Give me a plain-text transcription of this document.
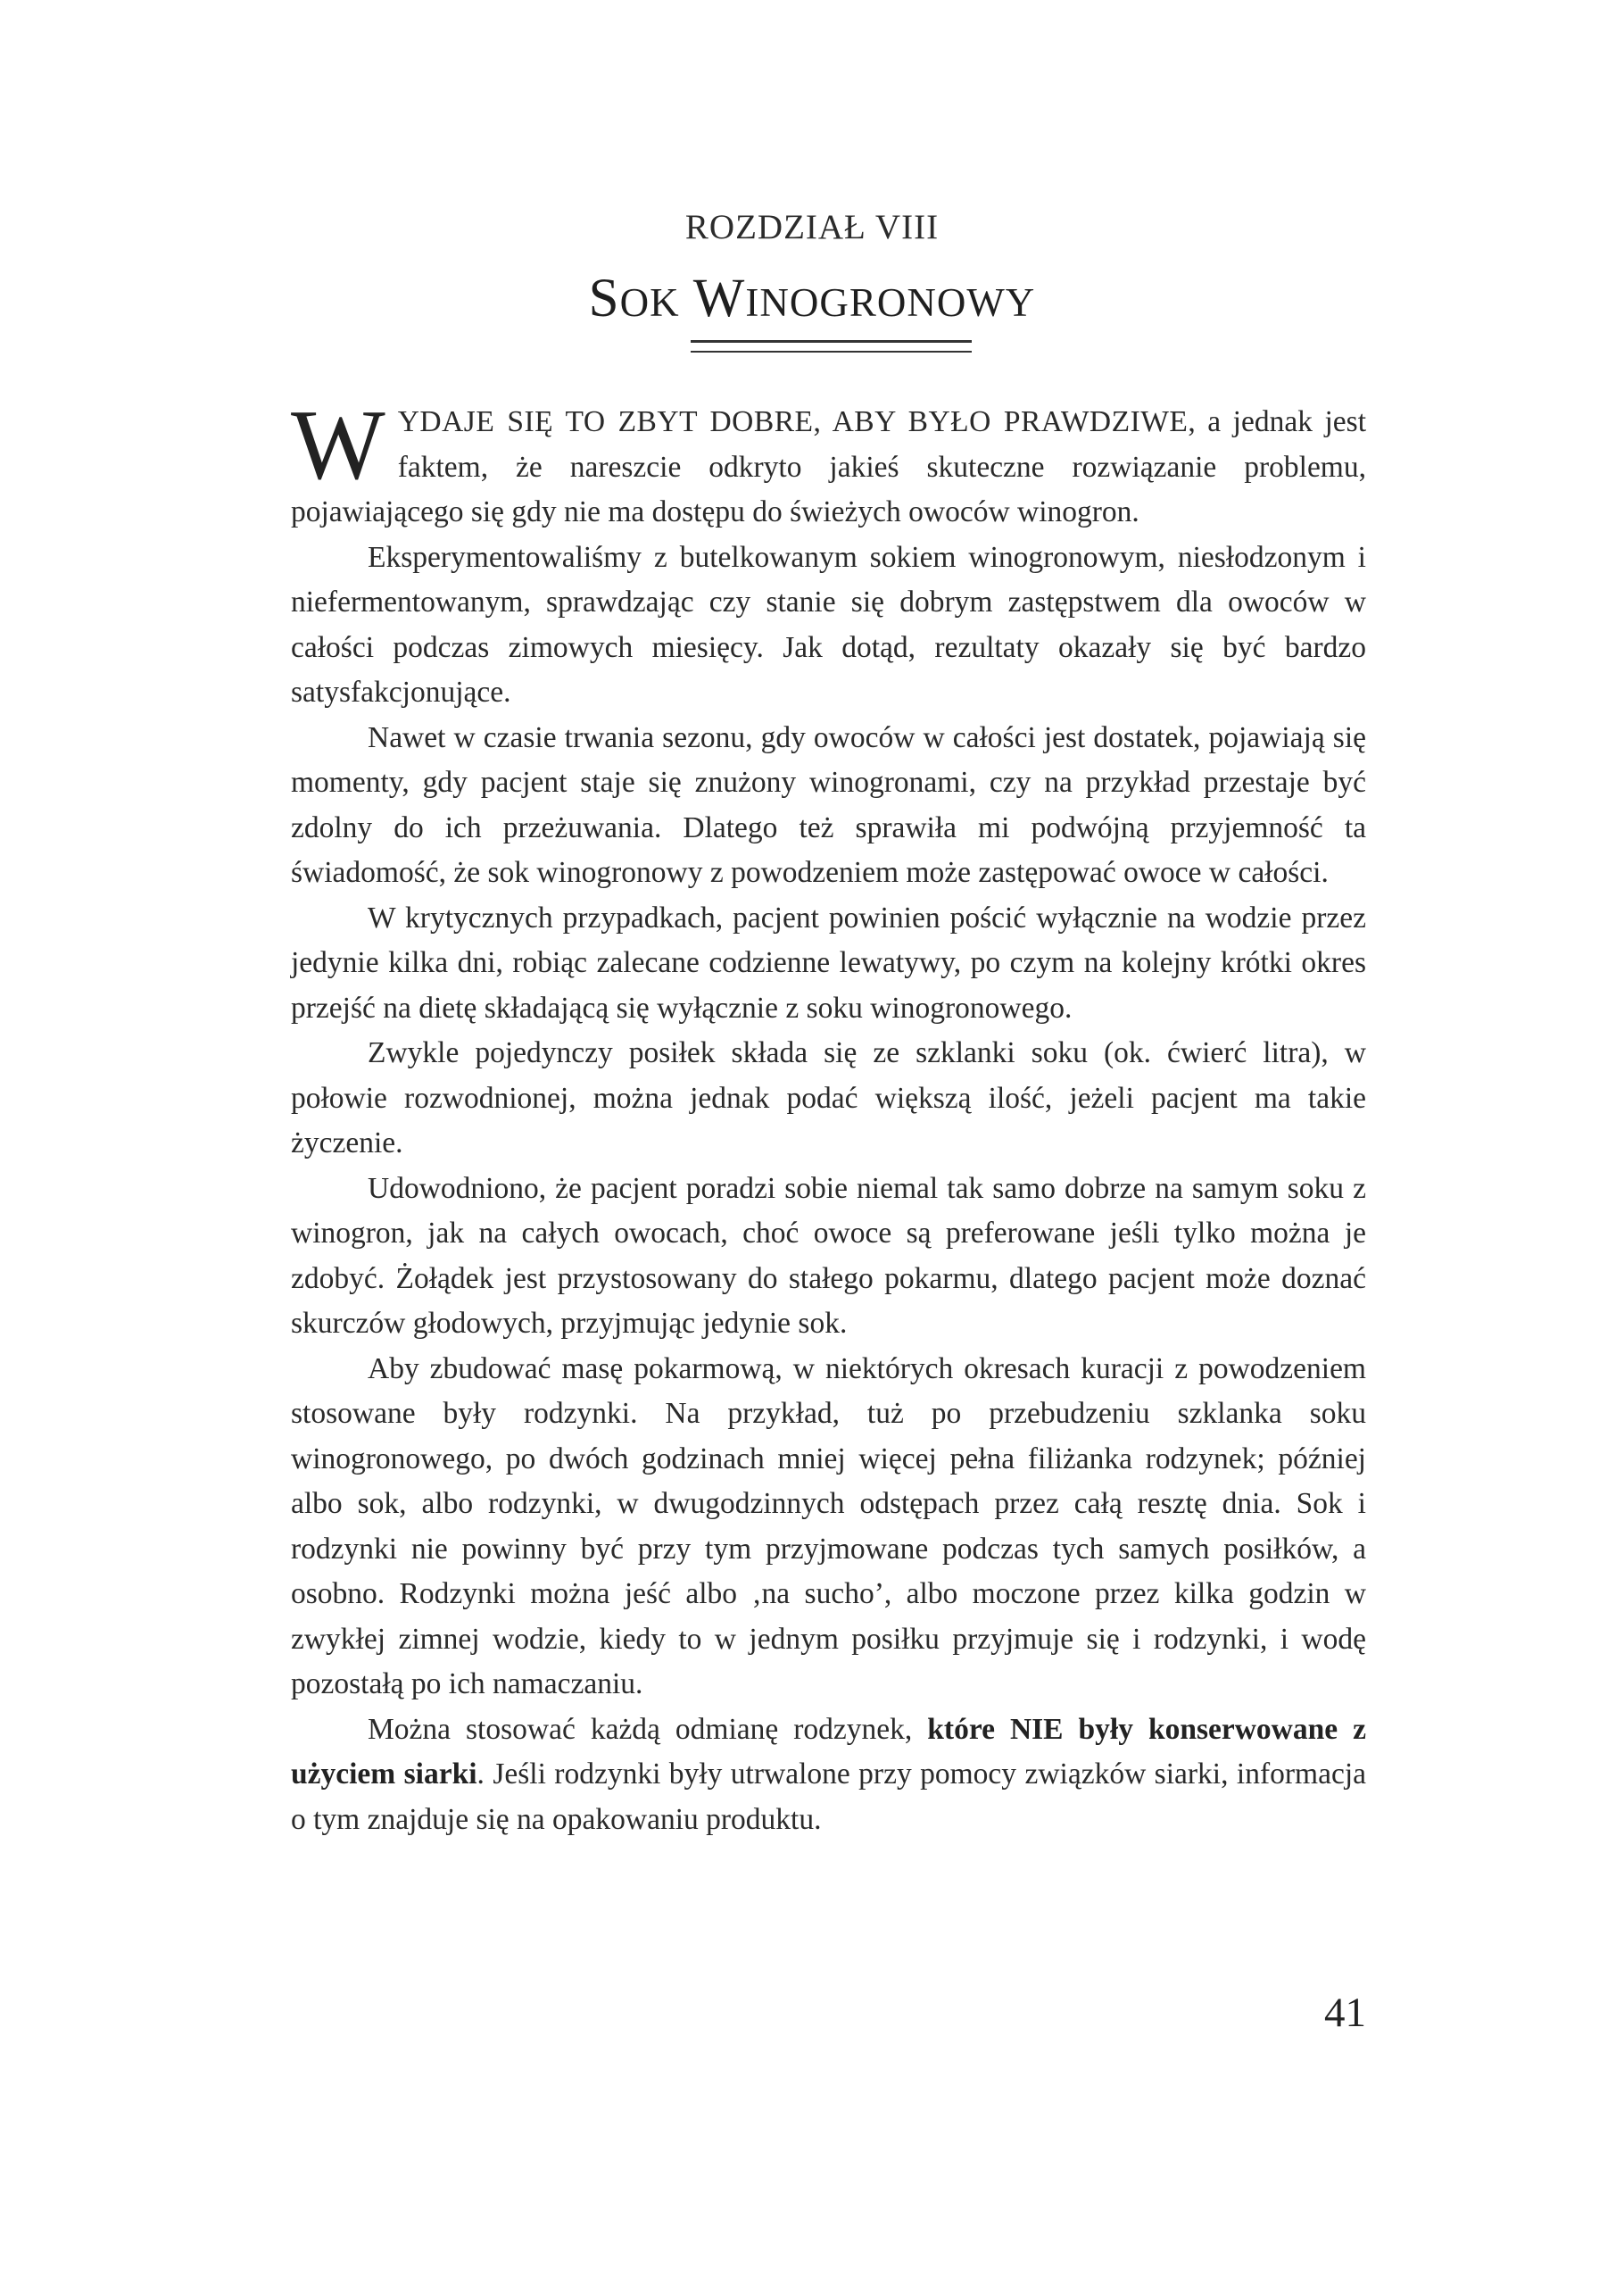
ROZDZIAŁ VIII
SOK WINOGRONOWY

WYDAJE SIĘ TO ZBYT DOBRE, ABY BYŁO PRAWDZIWE, a jednak jest faktem, że nareszcie odkryto jakieś skuteczne rozwiązanie problemu, pojawiającego się gdy nie ma dostępu do świeżych owoców winogron.

Eksperymentowaliśmy z butelkowanym sokiem winogronowym, niesłodzonym i niefermentowanym, sprawdzając czy stanie się dobrym zastępstwem dla owoców w całości podczas zimowych miesięcy. Jak dotąd, rezultaty okazały się być bardzo satysfakcjonujące.

Nawet w czasie trwania sezonu, gdy owoców w całości jest dostatek, pojawiają się momenty, gdy pacjent staje się znużony winogronami, czy na przykład przestaje być zdolny do ich przeżuwania. Dlatego też sprawiła mi podwójną przyjemność ta świadomość, że sok winogronowy z powodzeniem może zastępować owoce w całości.

W krytycznych przypadkach, pacjent powinien pościć wyłącznie na wodzie przez jedynie kilka dni, robiąc zalecane codzienne lewatywy, po czym na kolejny krótki okres przejść na dietę składającą się wyłącznie z soku winogronowego.

Zwykle pojedynczy posiłek składa się ze szklanki soku (ok. ćwierć litra), w połowie rozwodnionej, można jednak podać większą ilość, jeżeli pacjent ma takie życzenie.

Udowodniono, że pacjent poradzi sobie niemal tak samo dobrze na samym soku z winogron, jak na całych owocach, choć owoce są preferowane jeśli tylko można je zdobyć. Żołądek jest przystosowany do stałego pokarmu, dlatego pacjent może doznać skurczów głodowych, przyjmując jedynie sok.

Aby zbudować masę pokarmową, w niektórych okresach kuracji z powodzeniem stosowane były rodzynki. Na przykład, tuż po przebudzeniu szklanka soku winogronowego, po dwóch godzinach mniej więcej pełna filiżanka rodzynek; później albo sok, albo rodzynki, w dwugodzinnych odstępach przez całą resztę dnia. Sok i rodzynki nie powinny być przy tym przyjmowane podczas tych samych posiłków, a osobno. Rodzynki można jeść albo ‚na sucho’, albo moczone przez kilka godzin w zwykłej zimnej wodzie, kiedy to w jednym posiłku przyjmuje się i rodzynki, i wodę pozostałą po ich namaczaniu.

Można stosować każdą odmianę rodzynek, które NIE były konserwowane z użyciem siarki. Jeśli rodzynki były utrwalone przy pomocy związków siarki, informacja o tym znajduje się na opakowaniu produktu.

41
